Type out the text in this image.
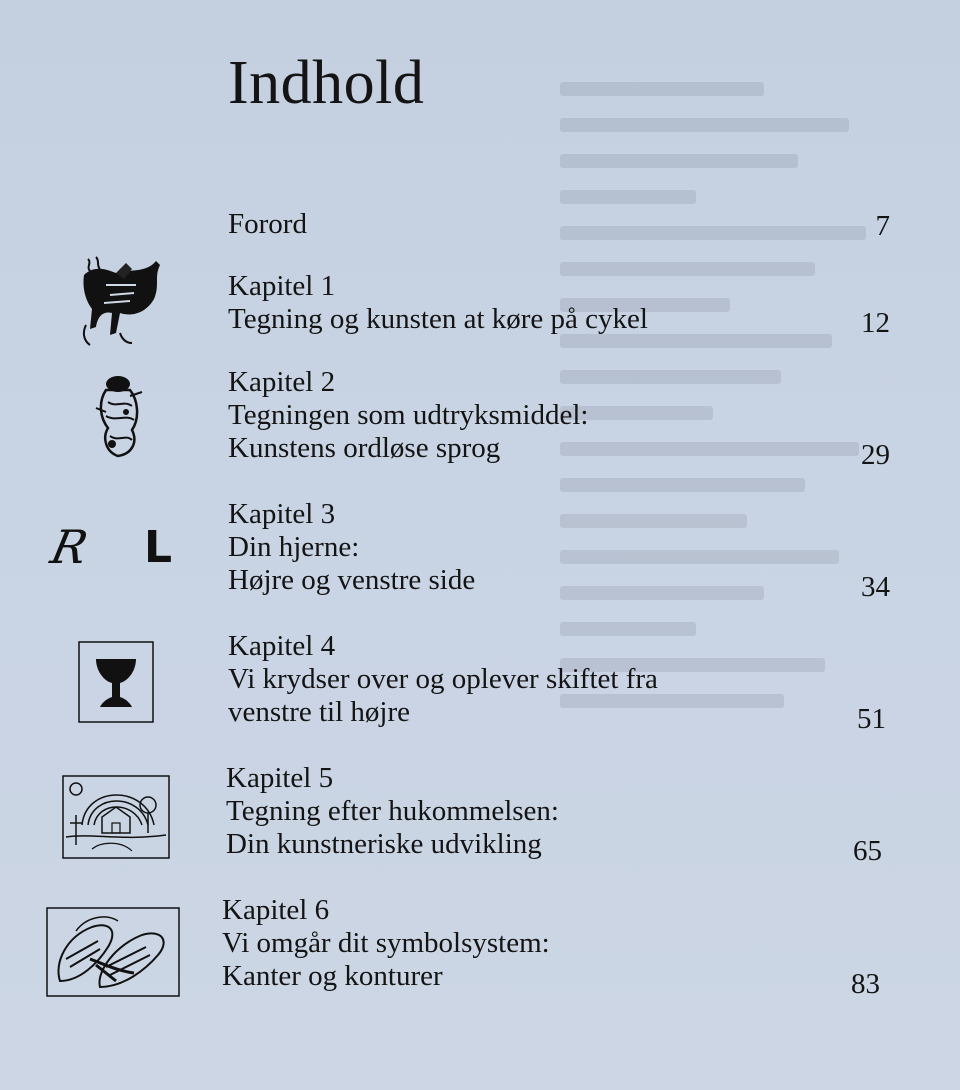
Indhold
Forord	7
Kapitel 1
Tegning og kunsten at køre på cykel	12
Kapitel 2
Tegningen som udtryksmiddel:
Kunstens ordløse sprog	29
R L
Kapitel 3
Din hjerne:
Højre og venstre side	34
Kapitel 4
Vi krydser over og oplever skiftet fra
venstre til højre	51
Kapitel 5
Tegning efter hukommelsen:
Din kunstneriske udvikling	65
Kapitel 6
Vi omgår dit symbolsystem:
Kanter og konturer	83
